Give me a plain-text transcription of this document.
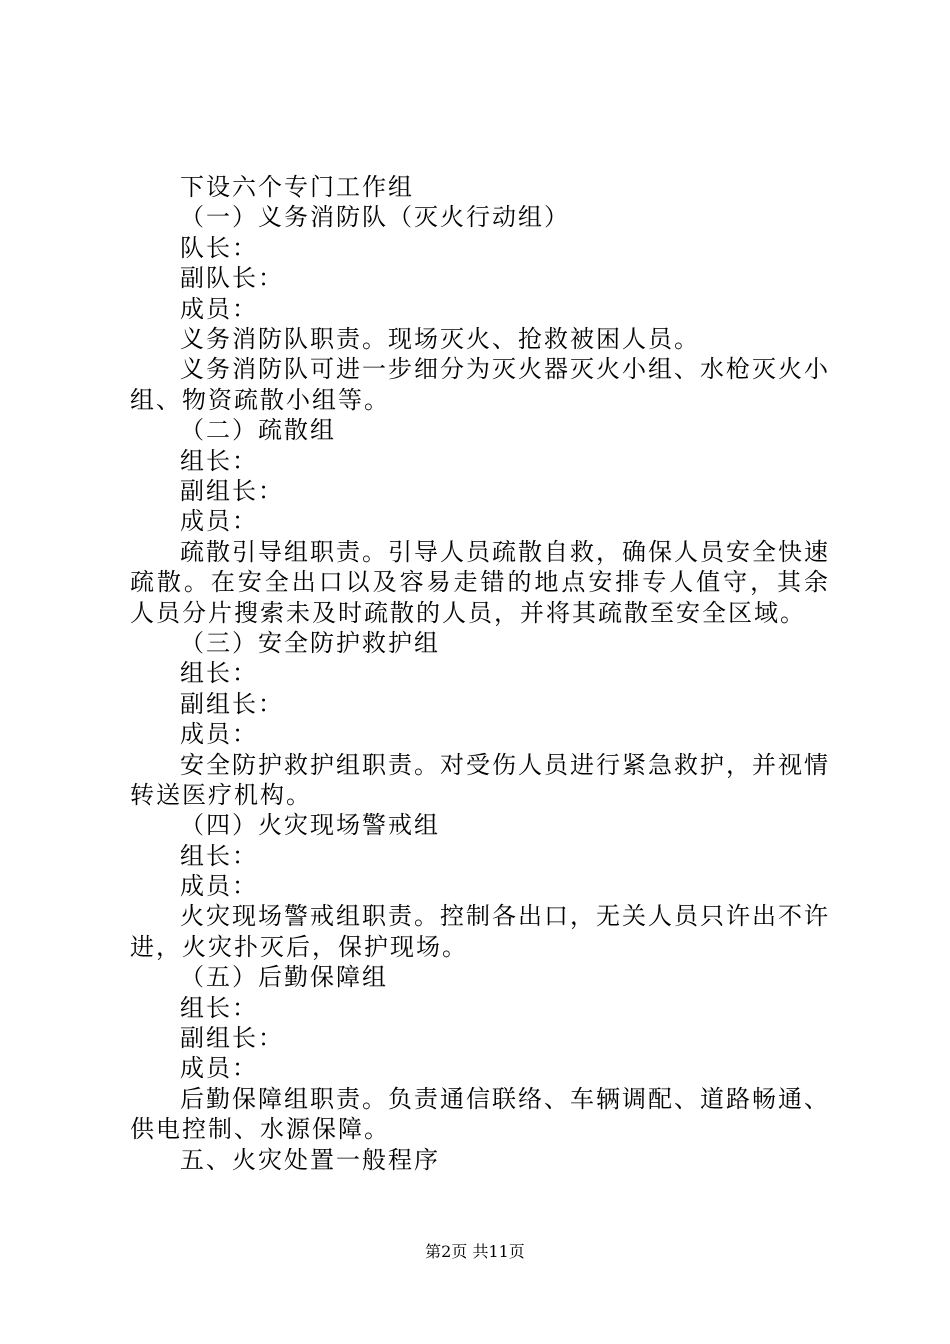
下设六个专门工作组
（一）义务消防队（灭火行动组）
队长：
副队长：
成员：
义务消防队职责。现场灭火、抢救被困人员。
义务消防队可进一步细分为灭火器灭火小组、水枪灭火小组、物资疏散小组等。
（二）疏散组
组长：
副组长：
成员：
疏散引导组职责。引导人员疏散自救，确保人员安全快速疏散。在安全出口以及容易走错的地点安排专人值守，其余人员分片搜索未及时疏散的人员，并将其疏散至安全区域。
（三）安全防护救护组
组长：
副组长：
成员：
安全防护救护组职责。对受伤人员进行紧急救护，并视情转送医疗机构。
（四）火灾现场警戒组
组长：
成员：
火灾现场警戒组职责。控制各出口，无关人员只许出不许进，火灾扑灭后，保护现场。
（五）后勤保障组
组长：
副组长：
成员：
后勤保障组职责。负责通信联络、车辆调配、道路畅通、供电控制、水源保障。
五、火灾处置一般程序
第2页 共11页
